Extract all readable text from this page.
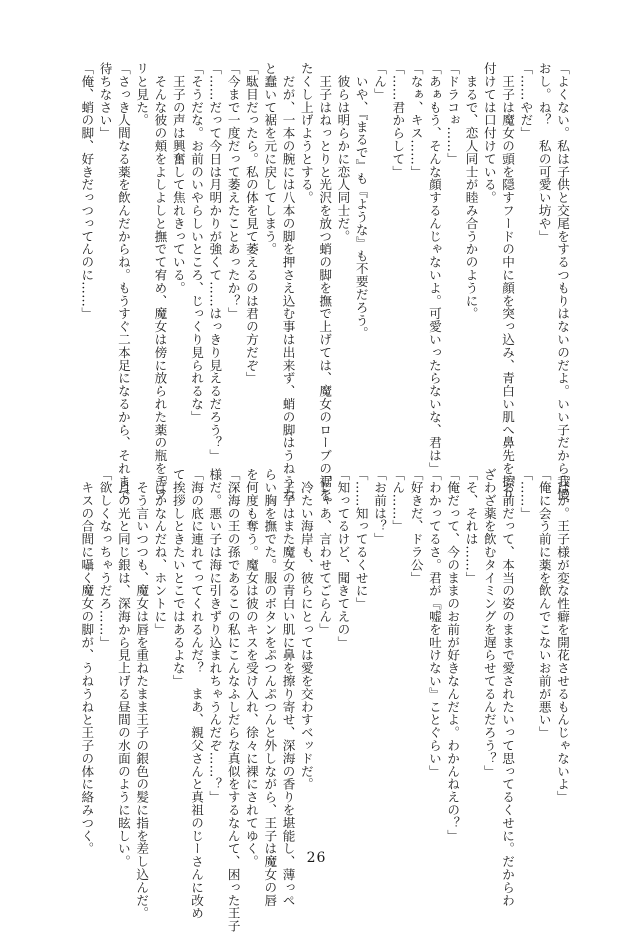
「よくない。私は子供と交尾をするつもりはないのだよ。いい子だから我慢

おし。ね？　私の可愛い坊や」

「……やだ」

　王子は魔女の頭を隠すフードの中に顔を突っ込み、青白い肌へ鼻先を擦り

付けては口付けている。

　まるで、恋人同士が睦み合うかのように。

「ドラコぉ……」

「あぁもう、そんな顔するんじゃないよ。可愛いったらないな、君は」

「なぁ、キス……」

「……君からして」

「ん」

　いや、『まるで』も『ような』も不要だろう。

　彼らは明らかに恋人同士だ。

　王子はねっとりと光沢を放つ蛸の脚を撫で上げては、魔女のローブの裾を

たくし上げようとする。

　だが、一本の腕には八本の脚を押さえ込む事は出来ず、蛸の脚はうねうね

と蠢いて裾を元に戻してしまう。

「駄目だったら。私の体を見て萎えるのは君の方だぞ」

「今まで一度だって萎えたことあったか？」

「……だって今日は月明かりが強くて……はっきり見えるだろう？」

「そうだな。お前のいやらしいところ、じっくり見られるな」

　王子の声は興奮して焦れきっている。

　そんな彼の頬をよしよしと撫でて宥め、魔女は傍に放られた薬の瓶をチラ

リと見た。

「さっき人間なる薬を飲んだからね。もうすぐ二本足になるから、それまで

待ちなさい」

「俺、蛸の脚、好きだっつってんのに……」

「ばか。王子様が変な性癖を開花させるもんじゃないよ」

「俺に会う前に薬を飲んでこないお前が悪い」

「……」

「お前だって、本当の姿のままで愛されたいって思ってるくせに。だからわ

ざわざ薬を飲むタイミングを遅らせてるんだろう？」

「そ、それは……」

「俺だって、今のままのお前が好きなんだよ。わかんねえの？」

「わかってるさ。君が『嘘を吐けない』ことぐらい」

「好きだ、ドラ公」

「ん……」

「お前は？」

「……知ってるくせに」

「知ってるけど、聞きてえの」

「じゃあ、言わせてごらん」

　冷たい海岸も、彼らにとっては愛を交わすベッドだ。

　王子はまた魔女の青白い肌に鼻を擦り寄せ、深海の香りを堪能し、薄っぺ

らい胸を撫でた。服のボタンをぷつんぷつんと外しながら、王子は魔女の唇

を何度も奪う。魔女は彼のキスを受け入れ、徐々に裸にされてゆく。

「深海の王の孫であるこの私にこんなふしだらな真似をするなんて、困った王子

様だ。悪い子は海に引きずり込まれちゃうんだぞ……？」

「海の底に連れてってくれるんだ？　まあ、親父さんと真祖のじーさんに改め

て挨拶しときたいとこではあるよな」

「ばかなんだね、ホントに」

　そう言いつつも、魔女は唇を重ねたまま王子の銀色の髪に指を差し込んだ。

　月の光と同じ銀は、深海から見上げる昼間の水面のように眩しい。

「欲しくなっちゃうだろ……」

　キスの合間に囁く魔女の脚が、うねうねと王子の体に絡みつく。

26
